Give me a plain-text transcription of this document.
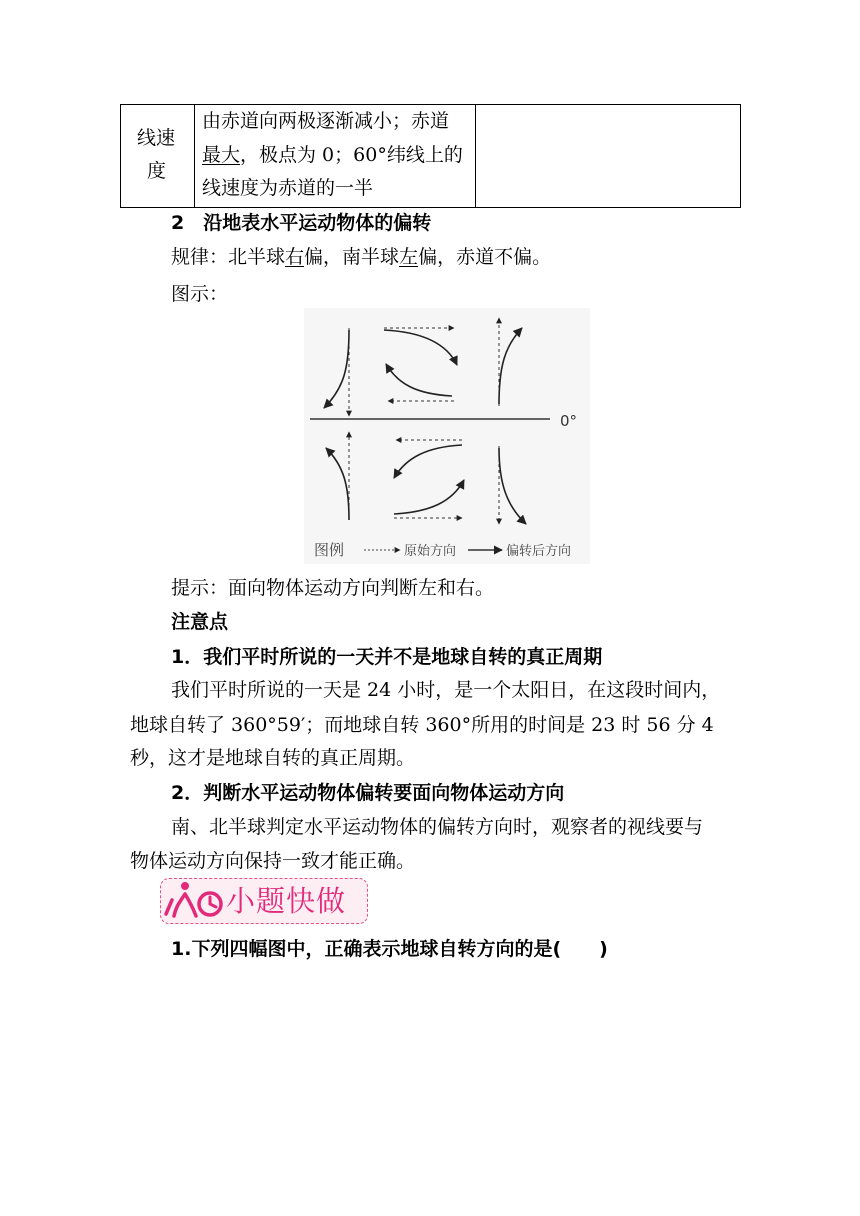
线速
度
由赤道向两极逐渐减小；赤道
最大，极点为 0；60°纬线上的
线速度为赤道的一半
2　沿地表水平运动物体的偏转
规律：北半球右偏，南半球左偏，赤道不偏。
图示：
0°
图例	原始方向	偏转后方向
提示：面向物体运动方向判断左和右。
注意点
1．我们平时所说的一天并不是地球自转的真正周期
我们平时所说的一天是 24 小时，是一个太阳日，在这段时间内，
地球自转了 360°59′；而地球自转 360°所用的时间是 23 时 56 分 4
秒，这才是地球自转的真正周期。
2．判断水平运动物体偏转要面向物体运动方向
南、北半球判定水平运动物体的偏转方向时，观察者的视线要与
物体运动方向保持一致才能正确。
小题快做
1.下列四幅图中，正确表示地球自转方向的是(　　)
